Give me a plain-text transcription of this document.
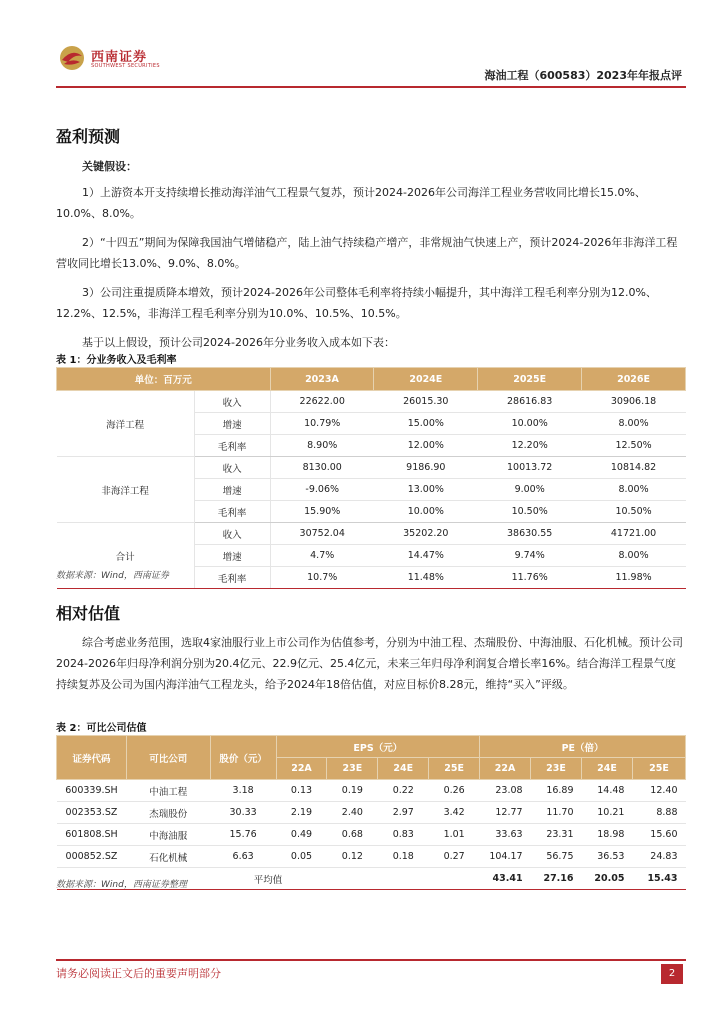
西南证券
SOUTHWEST SECURITIES
海油工程（600583）2023年年报点评
盈利预测
关键假设：

1）上游资本开支持续增长推动海洋油气工程景气复苏，预计2024-2026年公司海洋工程业务营收同比增长15.0%、10.0%、8.0%。

2）“十四五”期间为保障我国油气增储稳产，陆上油气持续稳产增产，非常规油气快速上产，预计2024-2026年非海洋工程营收同比增长13.0%、9.0%、8.0%。

3）公司注重提质降本增效，预计2024-2026年公司整体毛利率将持续小幅提升，其中海洋工程毛利率分别为12.0%、12.2%、12.5%，非海洋工程毛利率分别为10.0%、10.5%、10.5%。

基于以上假设，预计公司2024-2026年分业务收入成本如下表：

表 1：分业务收入及毛利率
单位：百万元		2023A	2024E	2025E	2026E
海洋工程	收入	22622.00	26015.30	28616.83	30906.18
	增速	10.79%	15.00%	10.00%	8.00%
	毛利率	8.90%	12.00%	12.20%	12.50%
非海洋工程	收入	8130.00	9186.90	10013.72	10814.82
	增速	-9.06%	13.00%	9.00%	8.00%
	毛利率	15.90%	10.00%	10.50%	10.50%
合计	收入	30752.04	35202.20	38630.55	41721.00
	增速	4.7%	14.47%	9.74%	8.00%
	毛利率	10.7%	11.48%	11.76%	11.98%
数据来源：Wind，西南证券
相对估值

综合考虑业务范围，选取4家油服行业上市公司作为估值参考，分别为中油工程、杰瑞股份、中海油服、石化机械。预计公司2024-2026年归母净利润分别为20.4亿元、22.9亿元、25.4亿元，未来三年归母净利润复合增长率16%。结合海洋工程景气度持续复苏及公司为国内海洋油气工程龙头，给予2024年18倍估值，对应目标价8.28元，维持“买入”评级。

表 2：可比公司估值
证券代码	可比公司	股价（元）	EPS（元）				PE（倍）			
			22A	23E	24E	25E	22A	23E	24E	25E
600339.SH	中油工程	3.18	0.13	0.19	0.22	0.26	23.08	16.89	14.48	12.40
002353.SZ	杰瑞股份	30.33	2.19	2.40	2.97	3.42	12.77	11.70	10.21	8.88
601808.SH	中海油服	15.76	0.49	0.68	0.83	1.01	33.63	23.31	18.98	15.60
000852.SZ	石化机械	6.63	0.05	0.12	0.18	0.27	104.17	56.75	36.53	24.83
平均值							43.41	27.16	20.05	15.43
数据来源：Wind，西南证券整理
请务必阅读正文后的重要声明部分	2
